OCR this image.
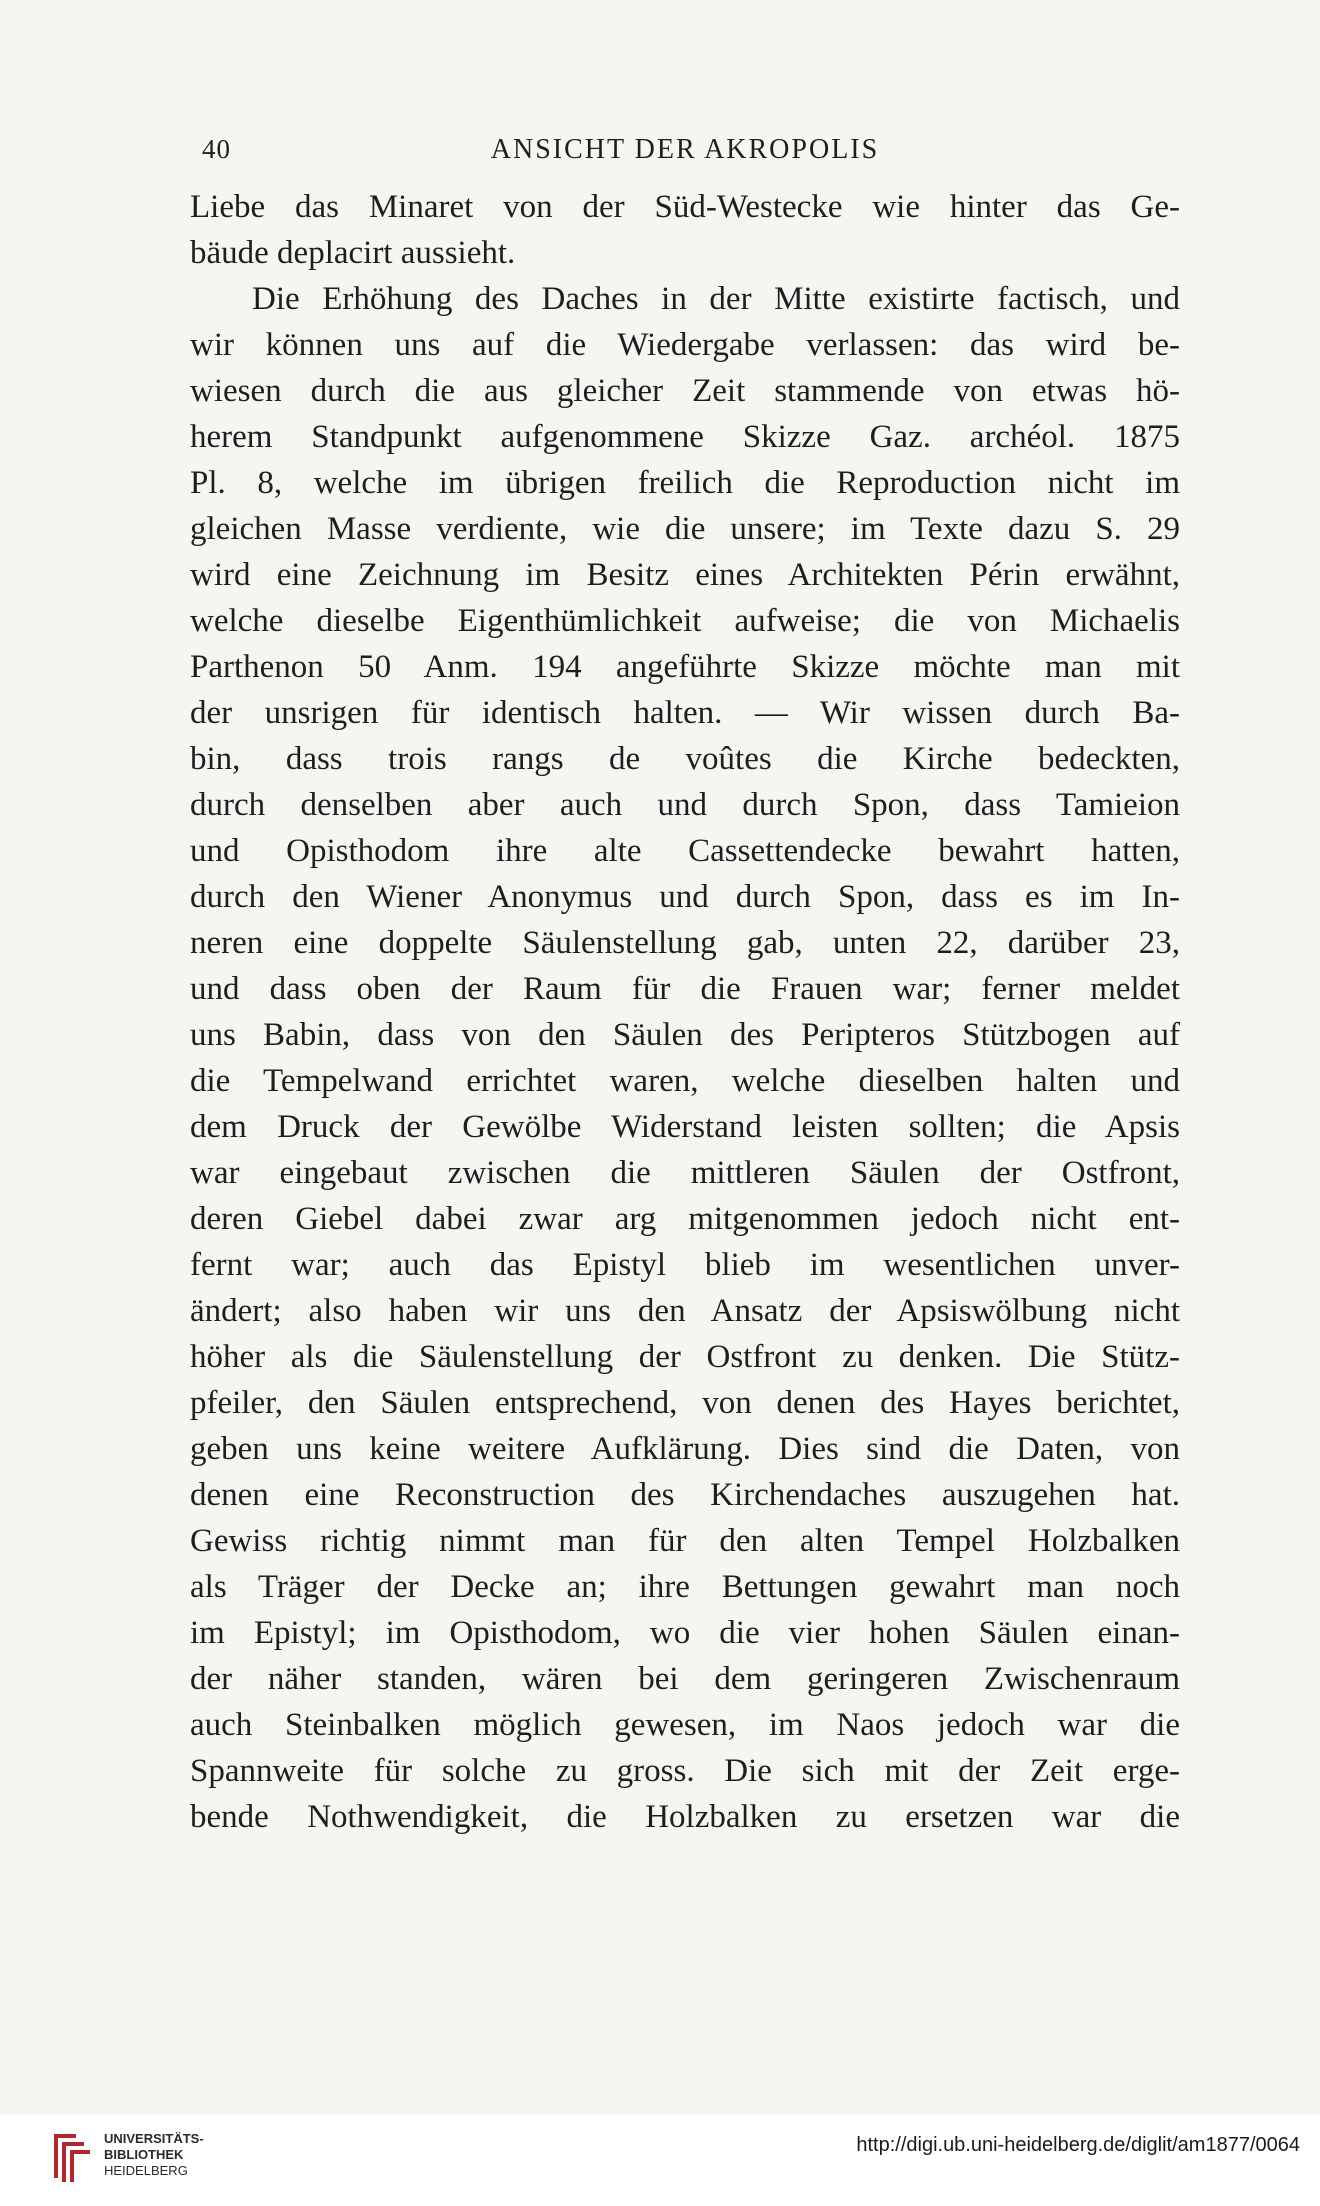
40	ANSICHT DER AKROPOLIS
Liebe das Minaret von der Süd-Westecke wie hinter das Ge-
bäude deplacirt aussieht.
Die Erhöhung des Daches in der Mitte existirte factisch, und
wir können uns auf die Wiedergabe verlassen: das wird be-
wiesen durch die aus gleicher Zeit stammende von etwas hö-
herem Standpunkt aufgenommene Skizze Gaz. archéol. 1875
Pl. 8, welche im übrigen freilich die Reproduction nicht im
gleichen Masse verdiente, wie die unsere; im Texte dazu S. 29
wird eine Zeichnung im Besitz eines Architekten Périn erwähnt,
welche dieselbe Eigenthümlichkeit aufweise; die von Michaelis
Parthenon 50 Anm. 194 angeführte Skizze möchte man mit
der unsrigen für identisch halten. — Wir wissen durch Ba-
bin, dass trois rangs de voûtes die Kirche bedeckten,
durch denselben aber auch und durch Spon, dass Tamieion
und Opisthodom ihre alte Cassettendecke bewahrt hatten,
durch den Wiener Anonymus und durch Spon, dass es im In-
neren eine doppelte Säulenstellung gab, unten 22, darüber 23,
und dass oben der Raum für die Frauen war; ferner meldet
uns Babin, dass von den Säulen des Peripteros Stützbogen auf
die Tempelwand errichtet waren, welche dieselben halten und
dem Druck der Gewölbe Widerstand leisten sollten; die Apsis
war eingebaut zwischen die mittleren Säulen der Ostfront,
deren Giebel dabei zwar arg mitgenommen jedoch nicht ent-
fernt war; auch das Epistyl blieb im wesentlichen unver-
ändert; also haben wir uns den Ansatz der Apsiswölbung nicht
höher als die Säulenstellung der Ostfront zu denken. Die Stütz-
pfeiler, den Säulen entsprechend, von denen des Hayes berichtet,
geben uns keine weitere Aufklärung. Dies sind die Daten, von
denen eine Reconstruction des Kirchendaches auszugehen hat.
Gewiss richtig nimmt man für den alten Tempel Holzbalken
als Träger der Decke an; ihre Bettungen gewahrt man noch
im Epistyl; im Opisthodom, wo die vier hohen Säulen einan-
der näher standen, wären bei dem geringeren Zwischenraum
auch Steinbalken möglich gewesen, im Naos jedoch war die
Spannweite für solche zu gross. Die sich mit der Zeit erge-
bende Nothwendigkeit, die Holzbalken zu ersetzen war die
UNIVERSITÄTS-
BIBLIOTHEK
HEIDELBERG
http://digi.ub.uni-heidelberg.de/diglit/am1877/0064
